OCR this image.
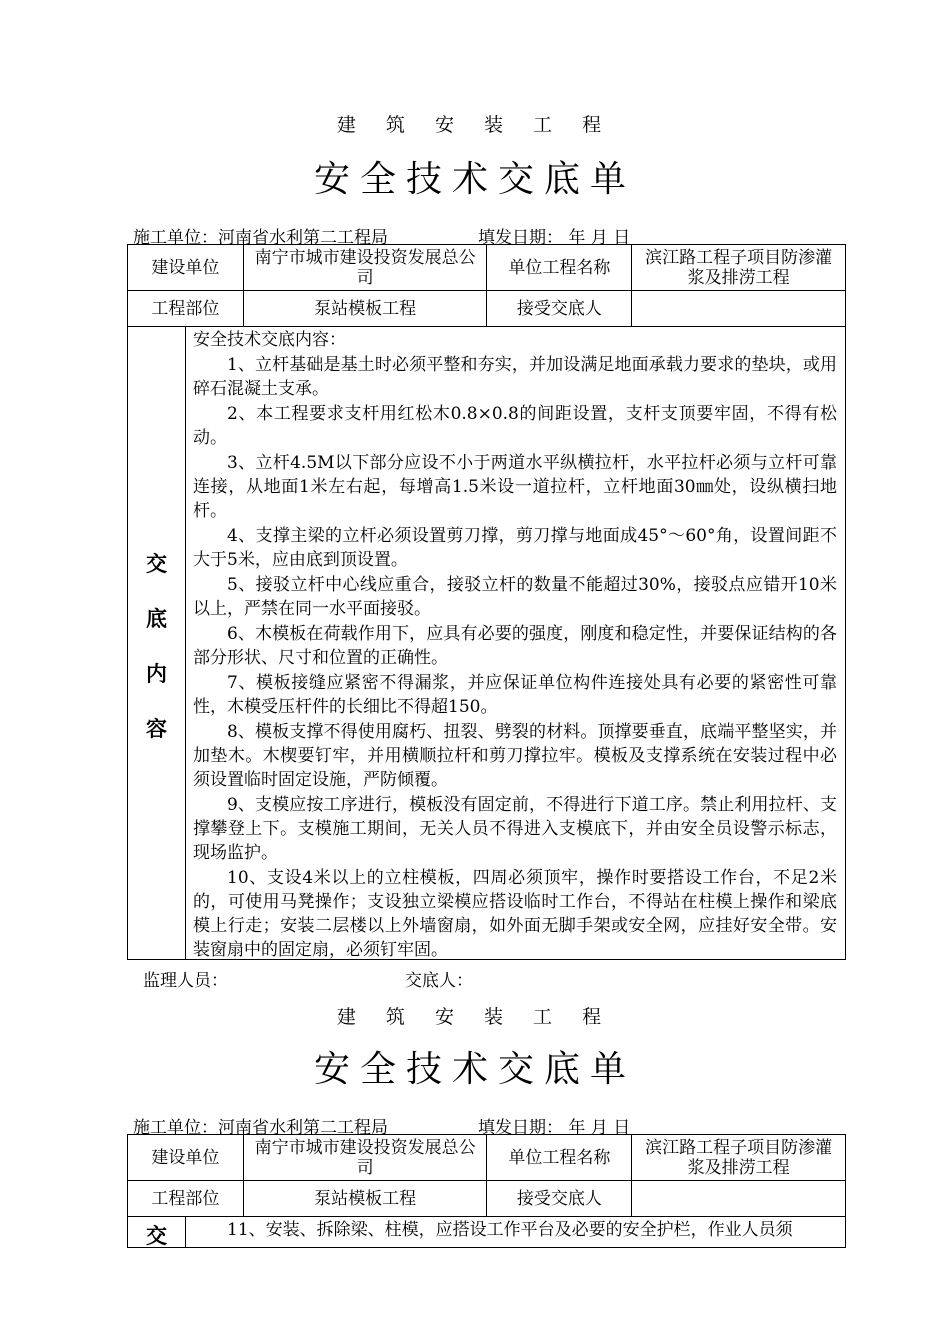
建 筑 安 装 工 程
安全技术交底单
施工单位：河南省水利第二工程局	填发日期： 年 月 日
建设单位	南宁市城市建设投资发展总公司	单位工程名称	滨江路工程子项目防渗灌浆及排涝工程
工程部位	泵站模板工程	接受交底人	
交
底
内
容

安全技术交底内容：

1、立杆基础是基土时必须平整和夯实，并加设满足地面承载力要求的垫块，或用碎石混凝土支承。

2、本工程要求支杆用红松木0.8×0.8的间距设置，支杆支顶要牢固，不得有松动。

3、立杆4.5M以下部分应设不小于两道水平纵横拉杆，水平拉杆必须与立杆可靠连接，从地面1米左右起，每增高1.5米设一道拉杆，立杆地面30㎜处，设纵横扫地杆。

4、支撑主梁的立杆必须设置剪刀撑，剪刀撑与地面成45°～60°角，设置间距不大于5米，应由底到顶设置。

5、接驳立杆中心线应重合，接驳立杆的数量不能超过30%，接驳点应错开10米以上，严禁在同一水平面接驳。

6、木模板在荷载作用下，应具有必要的强度，刚度和稳定性，并要保证结构的各部分形状、尺寸和位置的正确性。

7、模板接缝应紧密不得漏浆，并应保证单位构件连接处具有必要的紧密性可靠性，木模受压杆件的长细比不得超150。

8、模板支撑不得使用腐朽、扭裂、劈裂的材料。顶撑要垂直，底端平整坚实，并加垫木。木楔要钉牢，并用横顺拉杆和剪刀撑拉牢。模板及支撑系统在安装过程中必须设置临时固定设施，严防倾覆。

9、支模应按工序进行，模板没有固定前，不得进行下道工序。禁止利用拉杆、支撑攀登上下。支模施工期间，无关人员不得进入支模底下，并由安全员设警示标志，现场监护。

10、支设4米以上的立柱模板，四周必须顶牢，操作时要搭设工作台，不足2米的，可使用马凳操作；支设独立梁模应搭设临时工作台，不得站在柱模上操作和梁底模上行走；安装二层楼以上外墙窗扇，如外面无脚手架或安全网，应挂好安全带。安装窗扇中的固定扇，必须钉牢固。

监理人员：	交底人：
建 筑 安 装 工 程
安全技术交底单
施工单位：河南省水利第二工程局	填发日期： 年 月 日
建设单位	南宁市城市建设投资发展总公司	单位工程名称	滨江路工程子项目防渗灌浆及排涝工程
工程部位	泵站模板工程	接受交底人	
交	11、安装、拆除梁、柱模，应搭设工作平台及必要的安全护栏，作业人员须
